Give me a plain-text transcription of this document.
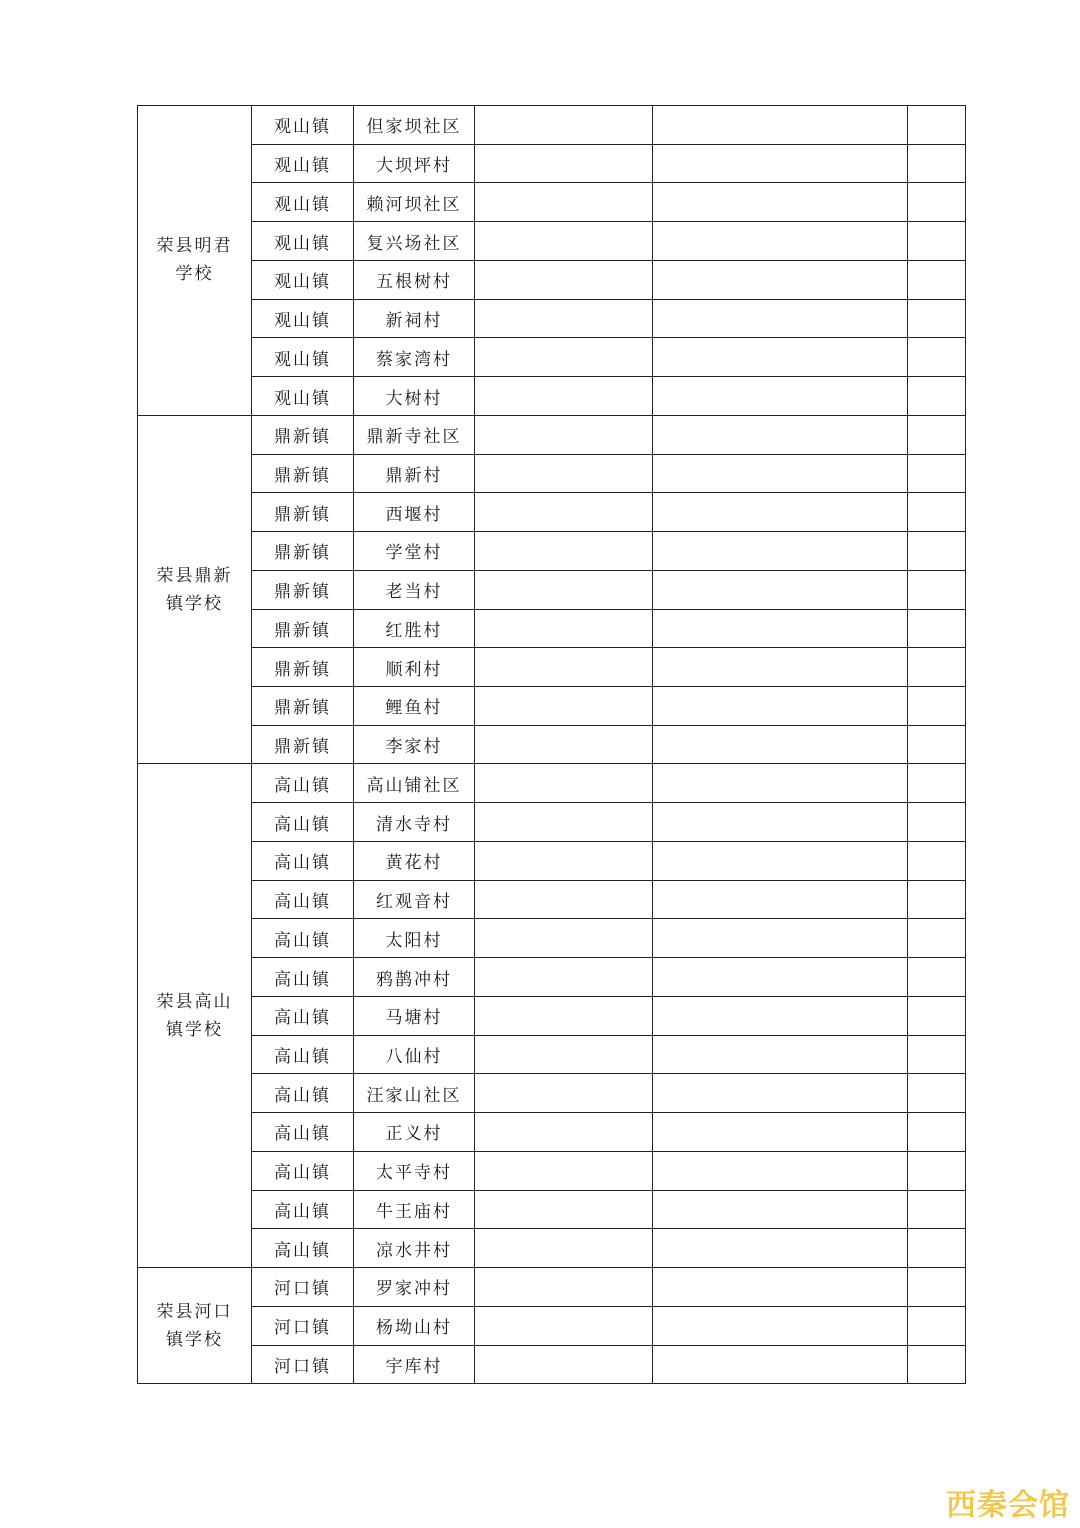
荣县明君
学校	观山镇	但家坝社区			
	观山镇	大坝坪村			
	观山镇	赖河坝社区			
	观山镇	复兴场社区			
	观山镇	五根树村			
	观山镇	新祠村			
	观山镇	蔡家湾村			
	观山镇	大树村			

荣县鼎新
镇学校	鼎新镇	鼎新寺社区			
	鼎新镇	鼎新村			
	鼎新镇	西堰村			
	鼎新镇	学堂村			
	鼎新镇	老当村			
	鼎新镇	红胜村			
	鼎新镇	顺利村			
	鼎新镇	鲤鱼村			
	鼎新镇	李家村			

荣县高山
镇学校	高山镇	高山铺社区			
	高山镇	清水寺村			
	高山镇	黄花村			
	高山镇	红观音村			
	高山镇	太阳村			
	高山镇	鸦鹊冲村			
	高山镇	马塘村			
	高山镇	八仙村			
	高山镇	汪家山社区			
	高山镇	正义村			
	高山镇	太平寺村			
	高山镇	牛王庙村			
	高山镇	凉水井村			

荣县河口
镇学校	河口镇	罗家冲村			
	河口镇	杨坳山村			
	河口镇	宇库村			
西秦会馆
